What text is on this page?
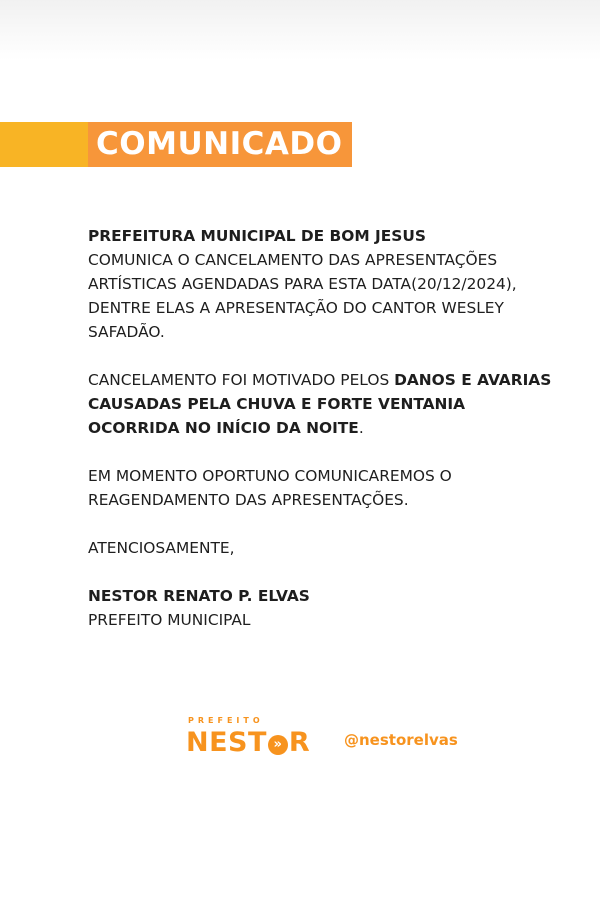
COMUNICADO

PREFEITURA MUNICIPAL DE BOM JESUS
COMUNICA O CANCELAMENTO DAS APRESENTAÇÕES ARTÍSTICAS AGENDADAS PARA ESTA DATA(20/12/2024), DENTRE ELAS A APRESENTAÇÃO DO CANTOR WESLEY SAFADÃO.

CANCELAMENTO FOI MOTIVADO PELOS DANOS E AVARIAS CAUSADAS PELA CHUVA E FORTE VENTANIA OCORRIDA NO INÍCIO DA NOITE.

EM MOMENTO OPORTUNO COMUNICAREMOS O REAGENDAMENTO DAS APRESENTAÇÕES.

ATENCIOSAMENTE,

NESTOR RENATO P. ELVAS
PREFEITO MUNICIPAL

PREFEITO
NEST » R @nestorelvas
